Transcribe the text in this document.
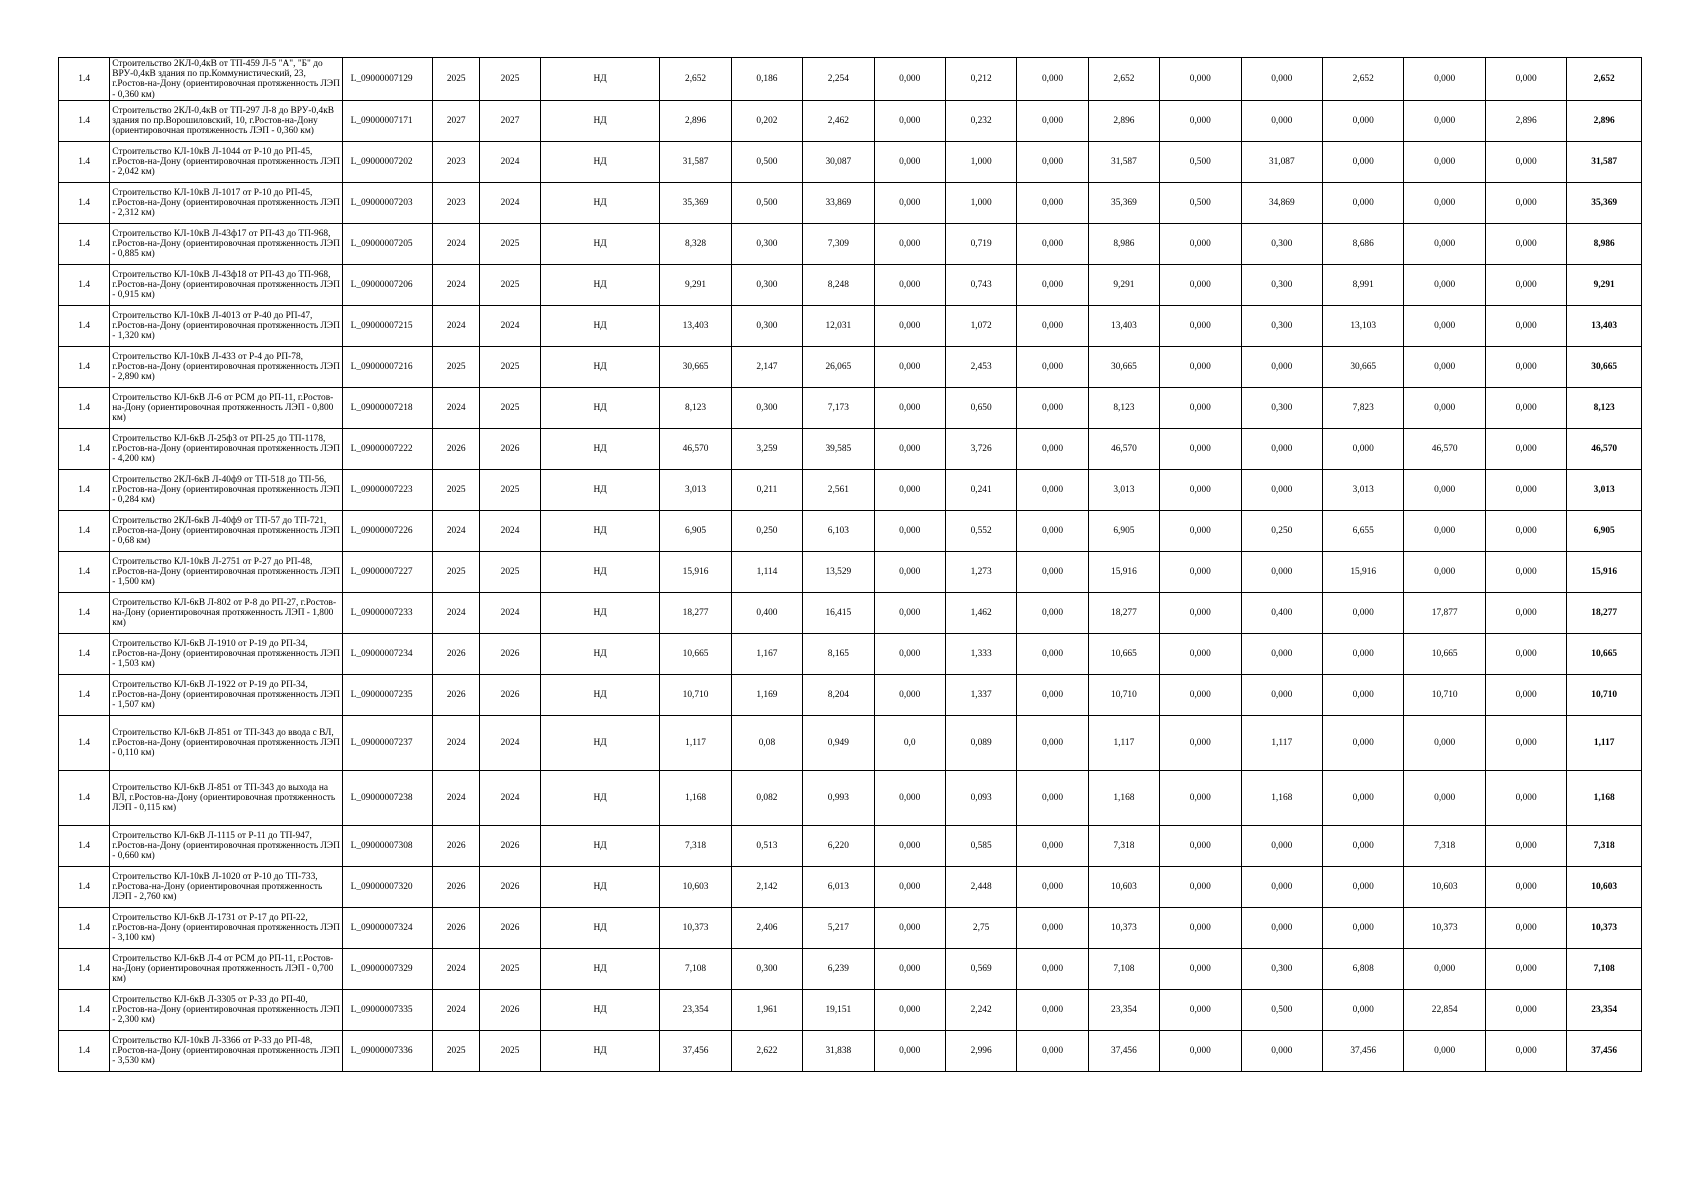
1.4	Строительство 2КЛ-0,4кВ от ТП-459 Л-5 "А", "Б" до ВРУ-0,4кВ здания по пр.Коммунистический, 23, г.Ростов-на-Дону (ориентировочная протяженность ЛЭП - 0,360 км)	L_09000007129	2025	2025	НД	2,652	0,186	2,254	0,000	0,212	0,000	2,652	0,000	0,000	2,652	0,000	0,000	2,652
1.4	Строительство 2КЛ-0,4кВ от ТП-297 Л-8 до ВРУ-0,4кВ здания по пр.Ворошиловский, 10, г.Ростов-на-Дону (ориентировочная протяженность ЛЭП - 0,360 км)	L_09000007171	2027	2027	НД	2,896	0,202	2,462	0,000	0,232	0,000	2,896	0,000	0,000	0,000	0,000	2,896	2,896
1.4	Строительство КЛ-10кВ Л-1044 от Р-10 до РП-45, г.Ростов-на-Дону (ориентировочная протяженность ЛЭП - 2,042 км)	L_09000007202	2023	2024	НД	31,587	0,500	30,087	0,000	1,000	0,000	31,587	0,500	31,087	0,000	0,000	0,000	31,587
1.4	Строительство КЛ-10кВ Л-1017 от Р-10 до РП-45, г.Ростов-на-Дону (ориентировочная протяженность ЛЭП - 2,312 км)	L_09000007203	2023	2024	НД	35,369	0,500	33,869	0,000	1,000	0,000	35,369	0,500	34,869	0,000	0,000	0,000	35,369
1.4	Строительство КЛ-10кВ Л-43ф17 от РП-43 до ТП-968, г.Ростов-на-Дону (ориентировочная протяженность ЛЭП - 0,885 км)	L_09000007205	2024	2025	НД	8,328	0,300	7,309	0,000	0,719	0,000	8,986	0,000	0,300	8,686	0,000	0,000	8,986
1.4	Строительство КЛ-10кВ Л-43ф18 от РП-43 до ТП-968, г.Ростов-на-Дону (ориентировочная протяженность ЛЭП - 0,915 км)	L_09000007206	2024	2025	НД	9,291	0,300	8,248	0,000	0,743	0,000	9,291	0,000	0,300	8,991	0,000	0,000	9,291
1.4	Строительство КЛ-10кВ Л-4013 от Р-40 до РП-47, г.Ростов-на-Дону (ориентировочная протяженность ЛЭП - 1,320 км)	L_09000007215	2024	2024	НД	13,403	0,300	12,031	0,000	1,072	0,000	13,403	0,000	0,300	13,103	0,000	0,000	13,403
1.4	Строительство КЛ-10кВ Л-433 от Р-4 до РП-78, г.Ростов-на-Дону (ориентировочная протяженность ЛЭП - 2,890 км)	L_09000007216	2025	2025	НД	30,665	2,147	26,065	0,000	2,453	0,000	30,665	0,000	0,000	30,665	0,000	0,000	30,665
1.4	Строительство КЛ-6кВ Л-6 от РСМ до РП-11, г.Ростов-на-Дону (ориентировочная протяженность ЛЭП - 0,800 км)	L_09000007218	2024	2025	НД	8,123	0,300	7,173	0,000	0,650	0,000	8,123	0,000	0,300	7,823	0,000	0,000	8,123
1.4	Строительство КЛ-6кВ Л-25ф3 от РП-25 до ТП-1178, г.Ростов-на-Дону (ориентировочная протяженность ЛЭП - 4,200 км)	L_09000007222	2026	2026	НД	46,570	3,259	39,585	0,000	3,726	0,000	46,570	0,000	0,000	0,000	46,570	0,000	46,570
1.4	Строительство 2КЛ-6кВ Л-40ф9 от ТП-518 до ТП-56, г.Ростов-на-Дону (ориентировочная протяженность ЛЭП - 0,284 км)	L_09000007223	2025	2025	НД	3,013	0,211	2,561	0,000	0,241	0,000	3,013	0,000	0,000	3,013	0,000	0,000	3,013
1.4	Строительство 2КЛ-6кВ Л-40ф9 от ТП-57 до ТП-721, г.Ростов-на-Дону (ориентировочная протяженность ЛЭП - 0,68 км)	L_09000007226	2024	2024	НД	6,905	0,250	6,103	0,000	0,552	0,000	6,905	0,000	0,250	6,655	0,000	0,000	6,905
1.4	Строительство КЛ-10кВ Л-2751 от Р-27 до РП-48, г.Ростов-на-Дону (ориентировочная протяженность ЛЭП - 1,500 км)	L_09000007227	2025	2025	НД	15,916	1,114	13,529	0,000	1,273	0,000	15,916	0,000	0,000	15,916	0,000	0,000	15,916
1.4	Строительство КЛ-6кВ Л-802 от Р-8 до РП-27, г.Ростов-на-Дону (ориентировочная протяженность ЛЭП - 1,800 км)	L_09000007233	2024	2024	НД	18,277	0,400	16,415	0,000	1,462	0,000	18,277	0,000	0,400	0,000	17,877	0,000	18,277
1.4	Строительство КЛ-6кВ Л-1910 от Р-19 до РП-34, г.Ростов-на-Дону (ориентировочная протяженность ЛЭП - 1,503 км)	L_09000007234	2026	2026	НД	10,665	1,167	8,165	0,000	1,333	0,000	10,665	0,000	0,000	0,000	10,665	0,000	10,665
1.4	Строительство КЛ-6кВ Л-1922 от Р-19 до РП-34, г.Ростов-на-Дону (ориентировочная протяженность ЛЭП - 1,507 км)	L_09000007235	2026	2026	НД	10,710	1,169	8,204	0,000	1,337	0,000	10,710	0,000	0,000	0,000	10,710	0,000	10,710
1.4	Строительство КЛ-6кВ Л-851 от ТП-343 до ввода с ВЛ, г.Ростов-на-Дону (ориентировочная протяженность ЛЭП - 0,110 км)	L_09000007237	2024	2024	НД	1,117	0,08	0,949	0,0	0,089	0,000	1,117	0,000	1,117	0,000	0,000	0,000	1,117
1.4	Строительство КЛ-6кВ Л-851 от ТП-343 до выхода на ВЛ, г.Ростов-на-Дону (ориентировочная протяженность ЛЭП - 0,115 км)	L_09000007238	2024	2024	НД	1,168	0,082	0,993	0,000	0,093	0,000	1,168	0,000	1,168	0,000	0,000	0,000	1,168
1.4	Строительство КЛ-6кВ Л-1115 от Р-11 до ТП-947, г.Ростов-на-Дону (ориентировочная протяженность ЛЭП - 0,660 км)	L_09000007308	2026	2026	НД	7,318	0,513	6,220	0,000	0,585	0,000	7,318	0,000	0,000	0,000	7,318	0,000	7,318
1.4	Строительство КЛ-10кВ Л-1020 от Р-10 до ТП-733, г.Ростова-на-Дону (ориентировочная протяженность ЛЭП - 2,760 км)	L_09000007320	2026	2026	НД	10,603	2,142	6,013	0,000	2,448	0,000	10,603	0,000	0,000	0,000	10,603	0,000	10,603
1.4	Строительство КЛ-6кВ Л-1731 от Р-17 до РП-22, г.Ростов-на-Дону (ориентировочная протяженность ЛЭП - 3,100 км)	L_09000007324	2026	2026	НД	10,373	2,406	5,217	0,000	2,75	0,000	10,373	0,000	0,000	0,000	10,373	0,000	10,373
1.4	Строительство КЛ-6кВ Л-4 от РСМ до РП-11, г.Ростов-на-Дону (ориентировочная протяженность ЛЭП - 0,700 км)	L_09000007329	2024	2025	НД	7,108	0,300	6,239	0,000	0,569	0,000	7,108	0,000	0,300	6,808	0,000	0,000	7,108
1.4	Строительство КЛ-6кВ Л-3305 от Р-33 до РП-40, г.Ростов-на-Дону (ориентировочная протяженность ЛЭП - 2,300 км)	L_09000007335	2024	2026	НД	23,354	1,961	19,151	0,000	2,242	0,000	23,354	0,000	0,500	0,000	22,854	0,000	23,354
1.4	Строительство КЛ-10кВ Л-3366 от Р-33 до РП-48, г.Ростов-на-Дону (ориентировочная протяженность ЛЭП - 3,530 км)	L_09000007336	2025	2025	НД	37,456	2,622	31,838	0,000	2,996	0,000	37,456	0,000	0,000	37,456	0,000	0,000	37,456
